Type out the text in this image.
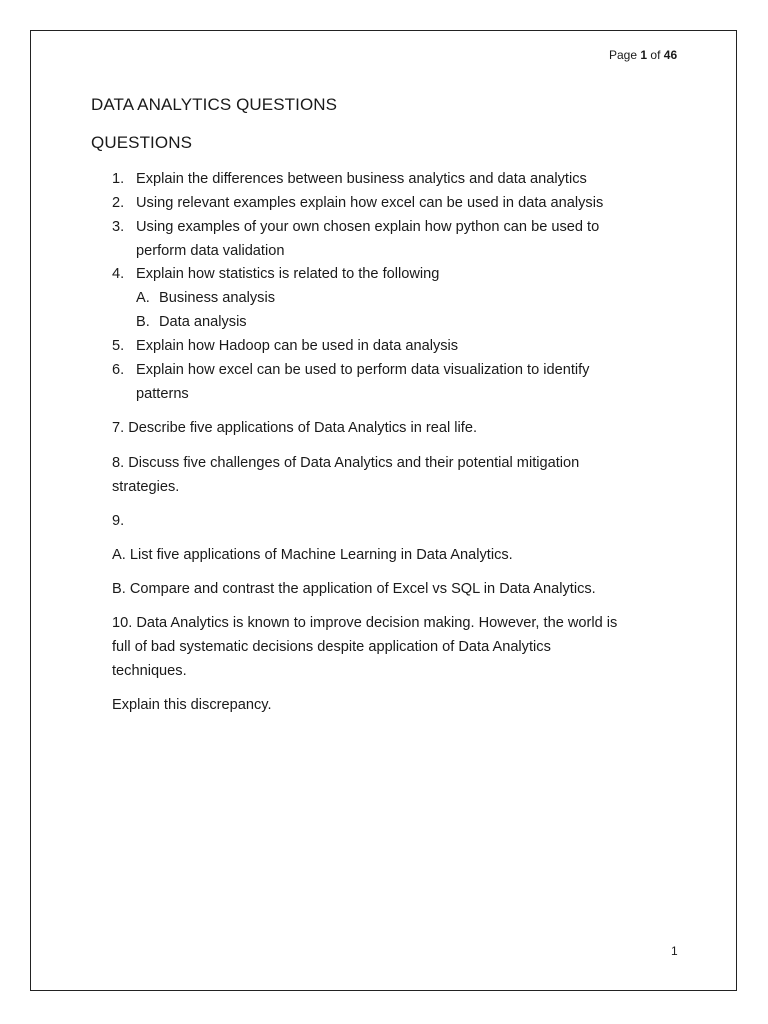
Page 1 of 46
DATA ANALYTICS QUESTIONS
QUESTIONS
1. Explain the differences between business analytics and data analytics
2. Using relevant examples explain how excel can be used in data analysis
3. Using examples of your own chosen explain how python can be used to
perform data validation
4. Explain how statistics is related to the following
A. Business analysis
B. Data analysis
5. Explain how Hadoop can be used in data analysis
6. Explain how excel can be used to perform data visualization to identify
patterns
7. Describe five applications of Data Analytics in real life.
8. Discuss five challenges of Data Analytics and their potential mitigation
strategies.
9.
A. List five applications of Machine Learning in Data Analytics.
B. Compare and contrast the application of Excel vs SQL in Data Analytics.
10. Data Analytics is known to improve decision making. However, the world is
full of bad systematic decisions despite application of Data Analytics
techniques.
Explain this discrepancy.
1
